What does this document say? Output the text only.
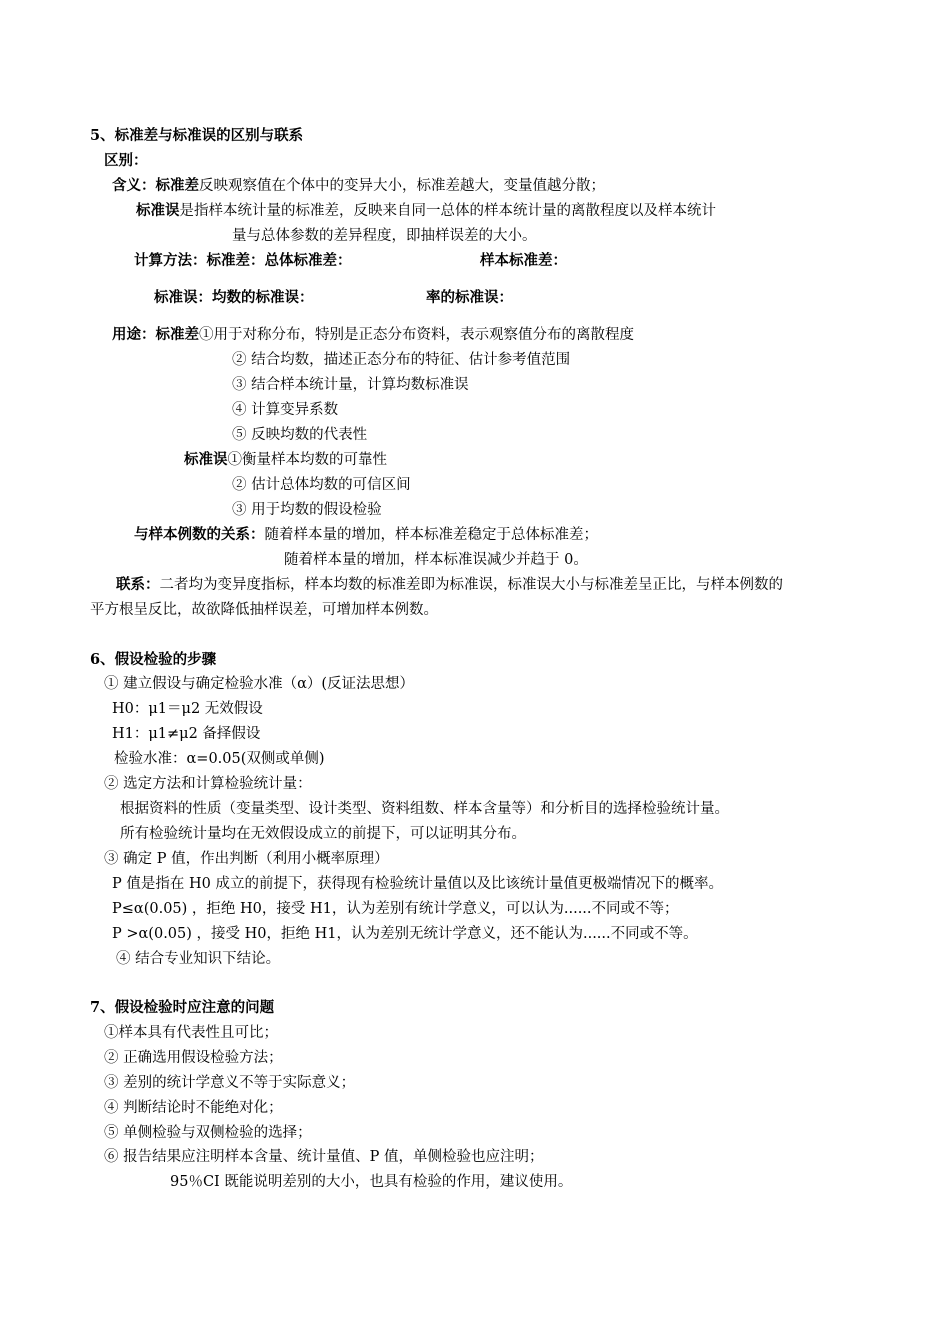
5、标准差与标准误的区别与联系
区别：
含义：标准差反映观察值在个体中的变异大小，标准差越大，变量值越分散；
标准误是指样本统计量的标准差，反映来自同一总体的样本统计量的离散程度以及样本统计
量与总体参数的差异程度，即抽样误差的大小。
计算方法：标准差：总体标准差：	样本标准差：
标准误：均数的标准误：	率的标准误：
用途：标准差①用于对称分布，特别是正态分布资料，表示观察值分布的离散程度
② 结合均数，描述正态分布的特征、估计参考值范围
③ 结合样本统计量，计算均数标准误
④ 计算变异系数
⑤ 反映均数的代表性
标准误①衡量样本均数的可靠性
② 估计总体均数的可信区间
③ 用于均数的假设检验
与样本例数的关系：随着样本量的增加，样本标准差稳定于总体标准差；
随着样本量的增加，样本标准误减少并趋于 0。
联系：二者均为变异度指标，样本均数的标准差即为标准误，标准误大小与标准差呈正比，与样本例数的
平方根呈反比，故欲降低抽样误差，可增加样本例数。
6、假设检验的步骤
① 建立假设与确定检验水准（α）(反证法思想）
H0：μ1＝μ2 无效假设
H1：μ1≠μ2 备择假设
检验水准：α=0.05(双侧或单侧)
② 选定方法和计算检验统计量：
根据资料的性质（变量类型、设计类型、资料组数、样本含量等）和分析目的选择检验统计量。
所有检验统计量均在无效假设成立的前提下，可以证明其分布。
③ 确定 P 值，作出判断（利用小概率原理）
P 值是指在 H0 成立的前提下，获得现有检验统计量值以及比该统计量值更极端情况下的概率。
P≤α(0.05) ，拒绝 H0，接受 H1，认为差别有统计学意义，可以认为......不同或不等；
P >α(0.05) ，接受 H0，拒绝 H1，认为差别无统计学意义，还不能认为......不同或不等。
④ 结合专业知识下结论。
7、假设检验时应注意的问题
①样本具有代表性且可比；
② 正确选用假设检验方法；
③ 差别的统计学意义不等于实际意义；
④ 判断结论时不能绝对化；
⑤ 单侧检验与双侧检验的选择；
⑥ 报告结果应注明样本含量、统计量值、P 值，单侧检验也应注明；
95％CI 既能说明差别的大小，也具有检验的作用，建议使用。
